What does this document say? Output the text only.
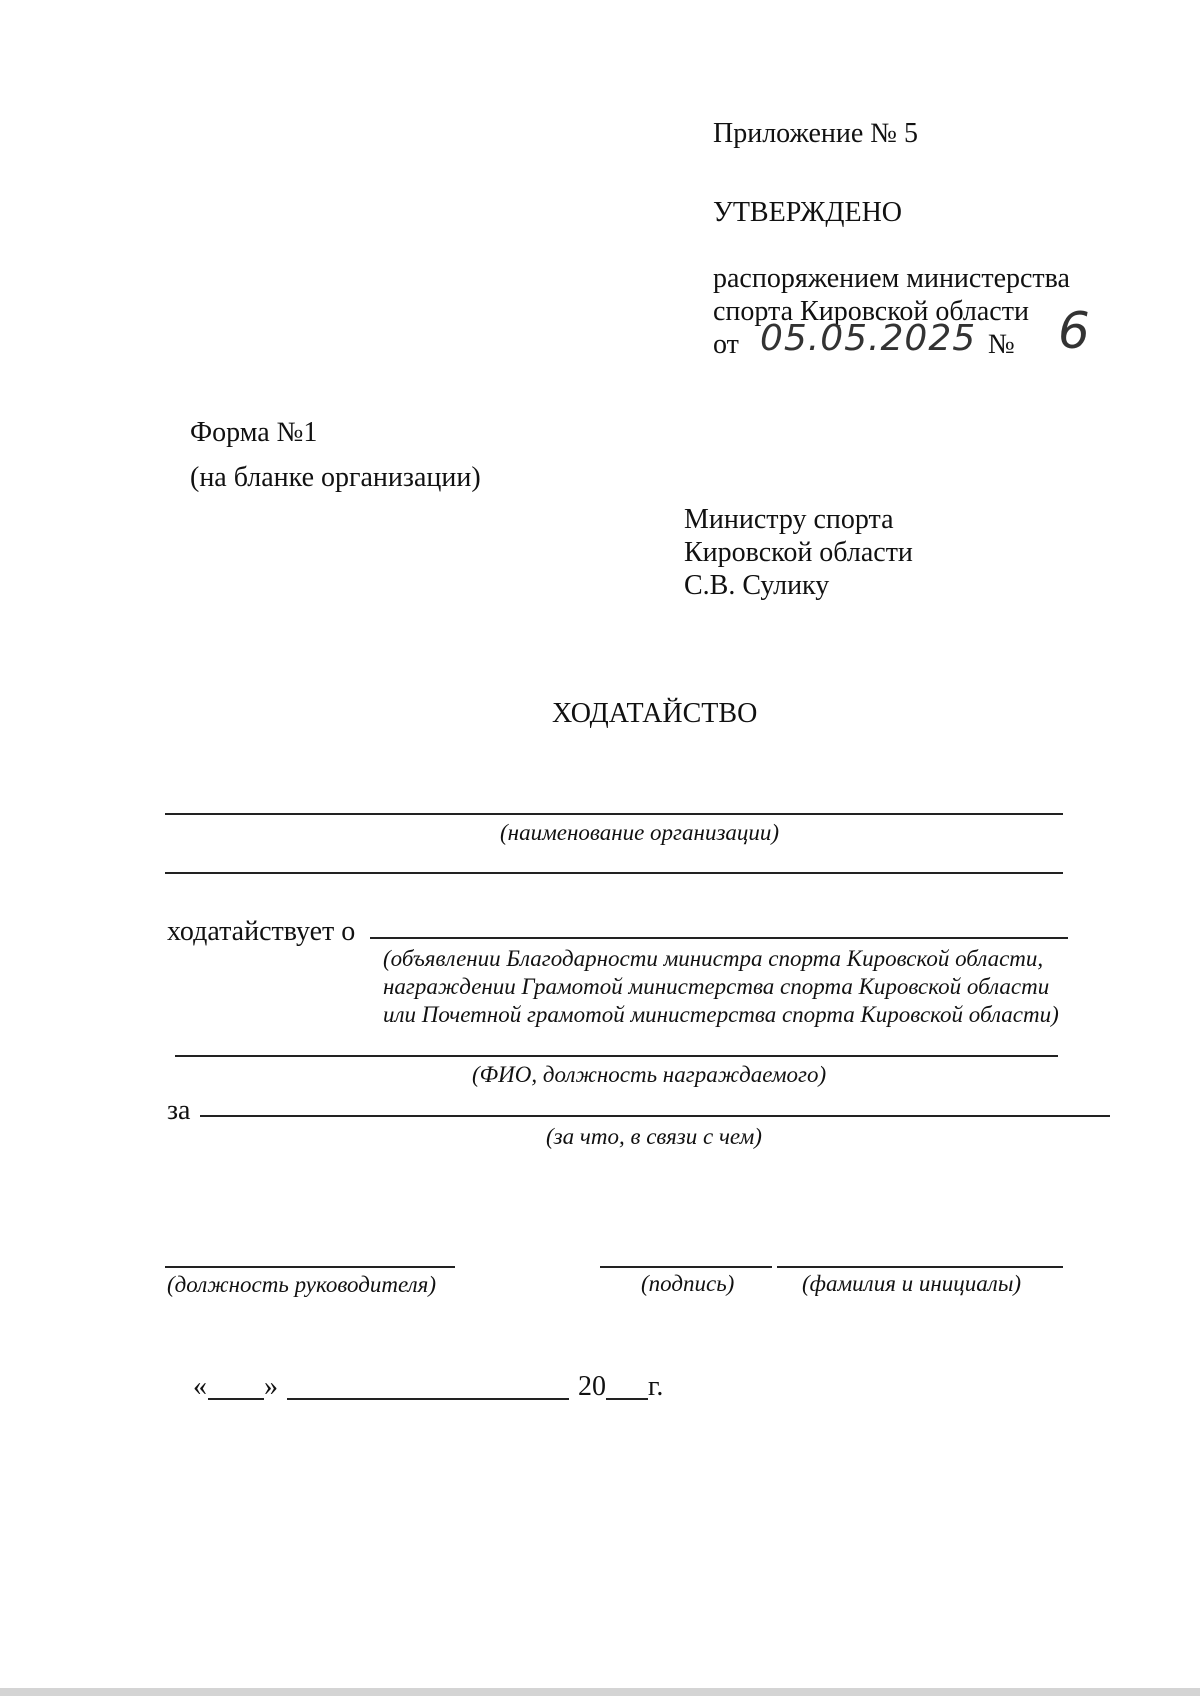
Приложение № 5
УТВЕРЖДЕНО
распоряжением министерства
спорта Кировской области
от 05.05.2025 № 6
Форма №1
(на бланке организации)
Министру спорта
Кировской области
С.В. Сулику
ХОДАТАЙСТВО
(наименование организации)
ходатайствует о
(объявлении Благодарности министра спорта Кировской области,
награждении Грамотой министерства спорта Кировской области
или Почетной грамотой министерства спорта Кировской области)
(ФИО, должность награждаемого)
за
(за что, в связи с чем)
(должность руководителя)	(подпись)	(фамилия и инициалы)
« »	20 г.
